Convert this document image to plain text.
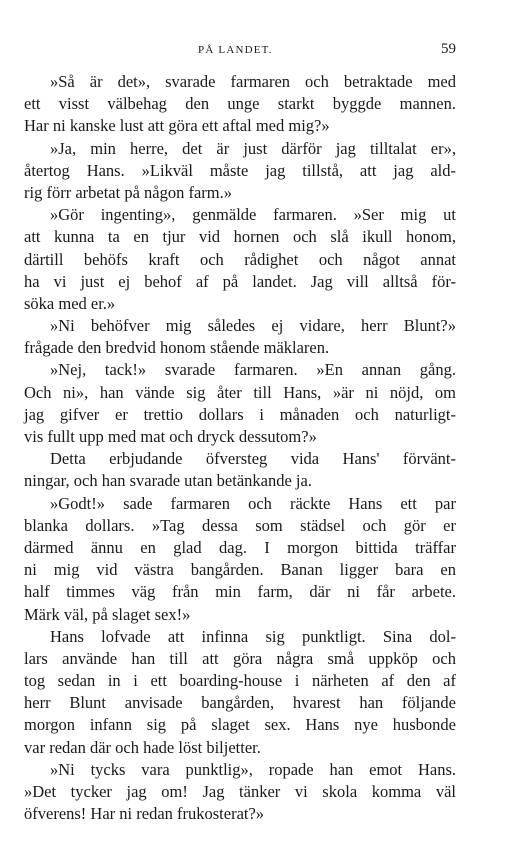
PÅ LANDET.	59
»Så är det», svarade farmaren och betraktade med
ett visst välbehag den unge starkt byggde mannen.
Har ni kanske lust att göra ett aftal med mig?»
»Ja, min herre, det är just därför jag tilltalat er»,
återtog Hans. »Likväl måste jag tillstå, att jag ald-
rig förr arbetat på någon farm.»
»Gör ingenting», genmälde farmaren. »Ser mig ut
att kunna ta en tjur vid hornen och slå ikull honom,
därtill behöfs kraft och rådighet och något annat
ha vi just ej behof af på landet. Jag vill alltså för-
söka med er.»
»Ni behöfver mig således ej vidare, herr Blunt?»
frågade den bredvid honom stående mäklaren.
»Nej, tack!» svarade farmaren. »En annan gång.
Och ni», han vände sig åter till Hans, »är ni nöjd, om
jag gifver er trettio dollars i månaden och naturligt-
vis fullt upp med mat och dryck dessutom?»
Detta erbjudande öfversteg vida Hans' förvänt-
ningar, och han svarade utan betänkande ja.
»Godt!» sade farmaren och räckte Hans ett par
blanka dollars. »Tag dessa som städsel och gör er
därmed ännu en glad dag. I morgon bittida träffar
ni mig vid västra bangården. Banan ligger bara en
half timmes väg från min farm, där ni får arbete.
Märk väl, på slaget sex!»
Hans lofvade att infinna sig punktligt. Sina dol-
lars använde han till att göra några små uppköp och
tog sedan in i ett boarding-house i närheten af den af
herr Blunt anvisade bangården, hvarest han följande
morgon infann sig på slaget sex. Hans nye husbonde
var redan där och hade löst biljetter.
»Ni tycks vara punktlig», ropade han emot Hans.
»Det tycker jag om! Jag tänker vi skola komma väl
öfverens! Har ni redan frukosterat?»
